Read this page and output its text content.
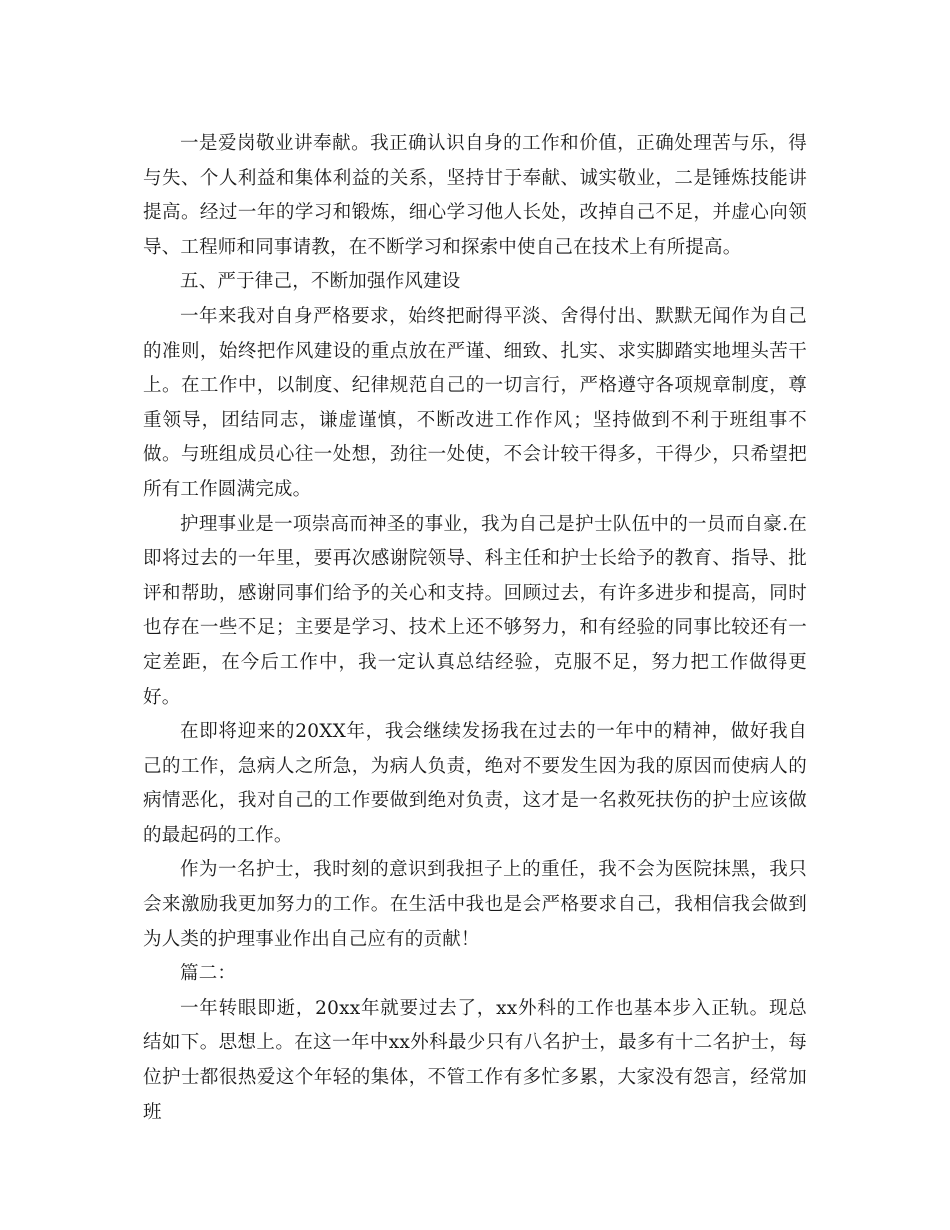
一是爱岗敬业讲奉献。我正确认识自身的工作和价值，正确处理苦与乐，得与失、个人利益和集体利益的关系，坚持甘于奉献、诚实敬业，二是锤炼技能讲提高。经过一年的学习和锻炼，细心学习他人长处，改掉自己不足，并虚心向领导、工程师和同事请教，在不断学习和探索中使自己在技术上有所提高。

五、严于律己，不断加强作风建设

一年来我对自身严格要求，始终把耐得平淡、舍得付出、默默无闻作为自己的准则，始终把作风建设的重点放在严谨、细致、扎实、求实脚踏实地埋头苦干上。在工作中，以制度、纪律规范自己的一切言行，严格遵守各项规章制度，尊重领导，团结同志，谦虚谨慎，不断改进工作作风；坚持做到不利于班组事不做。与班组成员心往一处想，劲往一处使，不会计较干得多，干得少，只希望把所有工作圆满完成。

护理事业是一项崇高而神圣的事业，我为自己是护士队伍中的一员而自豪.在即将过去的一年里，要再次感谢院领导、科主任和护士长给予的教育、指导、批评和帮助，感谢同事们给予的关心和支持。回顾过去，有许多进步和提高，同时也存在一些不足；主要是学习、技术上还不够努力，和有经验的同事比较还有一定差距，在今后工作中，我一定认真总结经验，克服不足，努力把工作做得更好。

在即将迎来的20XX年，我会继续发扬我在过去的一年中的精神，做好我自己的工作，急病人之所急，为病人负责，绝对不要发生因为我的原因而使病人的病情恶化，我对自己的工作要做到绝对负责，这才是一名救死扶伤的护士应该做的最起码的工作。

作为一名护士，我时刻的意识到我担子上的重任，我不会为医院抹黑，我只会来激励我更加努力的工作。在生活中我也是会严格要求自己，我相信我会做到为人类的护理事业作出自己应有的贡献！

篇二：

一年转眼即逝，20xx年就要过去了，xx外科的工作也基本步入正轨。现总结如下。思想上。在这一年中xx外科最少只有八名护士，最多有十二名护士，每位护士都很热爱这个年轻的集体，不管工作有多忙多累，大家没有怨言，经常加班
